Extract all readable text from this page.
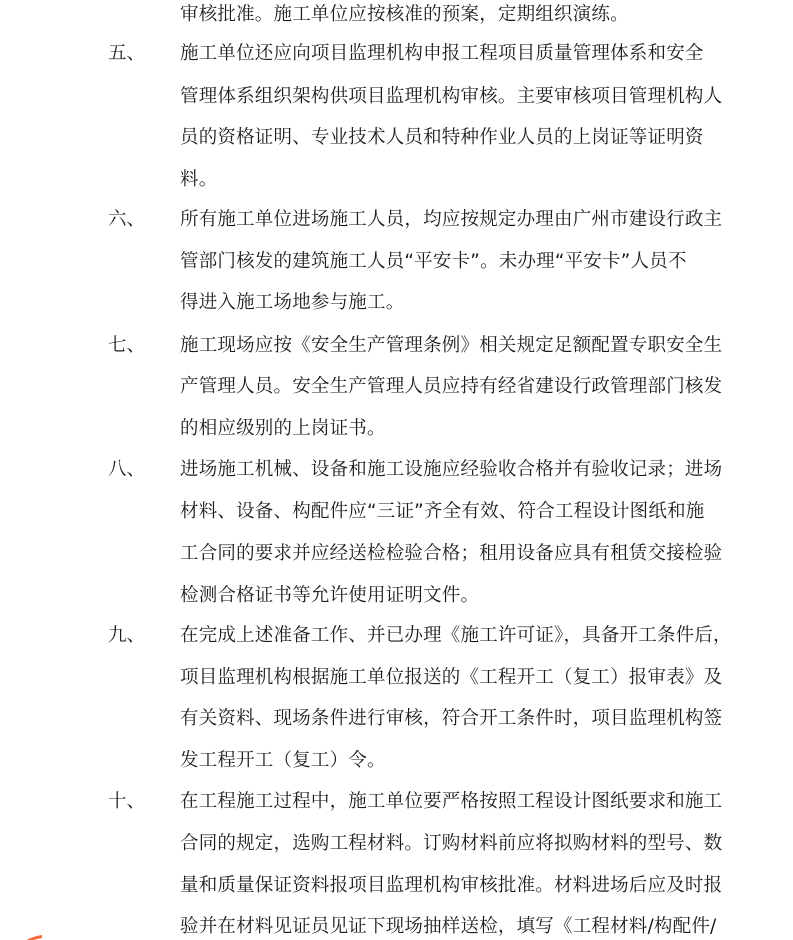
审核批准。施工单位应按核准的预案，定期组织演练。
五、 施工单位还应向项目监理机构申报工程项目质量管理体系和安全
管理体系组织架构供项目监理机构审核。主要审核项目管理机构人
员的资格证明、专业技术人员和特种作业人员的上岗证等证明资
料。
六、 所有施工单位进场施工人员，均应按规定办理由广州市建设行政主
管部门核发的建筑施工人员“平安卡”。未办理“平安卡”人员不
得进入施工场地参与施工。
七、 施工现场应按《安全生产管理条例》相关规定足额配置专职安全生
产管理人员。安全生产管理人员应持有经省建设行政管理部门核发
的相应级别的上岗证书。
八、 进场施工机械、设备和施工设施应经验收合格并有验收记录；进场
材料、设备、构配件应“三证”齐全有效、符合工程设计图纸和施
工合同的要求并应经送检检验合格；租用设备应具有租赁交接检验
检测合格证书等允许使用证明文件。
九、 在完成上述准备工作、并已办理《施工许可证》，具备开工条件后，
项目监理机构根据施工单位报送的《工程开工（复工）报审表》及
有关资料、现场条件进行审核，符合开工条件时，项目监理机构签
发工程开工（复工）令。
十、 在工程施工过程中，施工单位要严格按照工程设计图纸要求和施工
合同的规定，选购工程材料。订购材料前应将拟购材料的型号、数
量和质量保证资料报项目监理机构审核批准。材料进场后应及时报
验并在材料见证员见证下现场抽样送检，填写《工程材料/构配件/
